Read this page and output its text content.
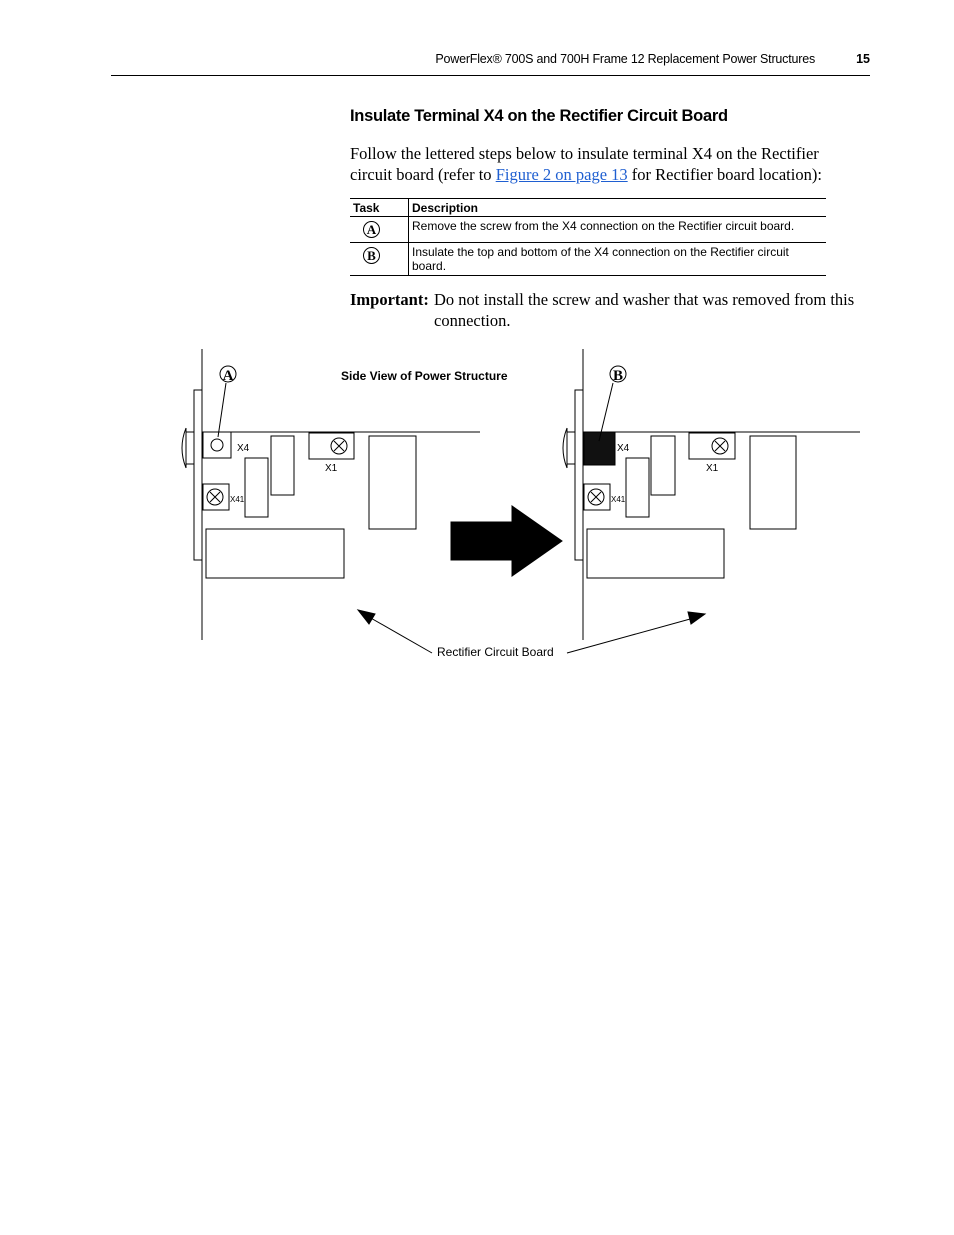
PowerFlex® 700S and 700H Frame 12 Replacement Power Structures	15
Insulate Terminal X4 on the Rectifier Circuit Board

Follow the lettered steps below to insulate terminal X4 on the Rectifier circuit board (refer to Figure 2 on page 13 for Rectifier board location):

Task	Description
A	Remove the screw from the X4 connection on the Rectifier circuit board.
B	Insulate the top and bottom of the X4 connection on the Rectifier circuit board.
Important: Do not install the screw and washer that was removed from this connection.
Side View of Power Structure
A	B
X4
X1
X41
X4
X1
X41
Rectifier Circuit Board
